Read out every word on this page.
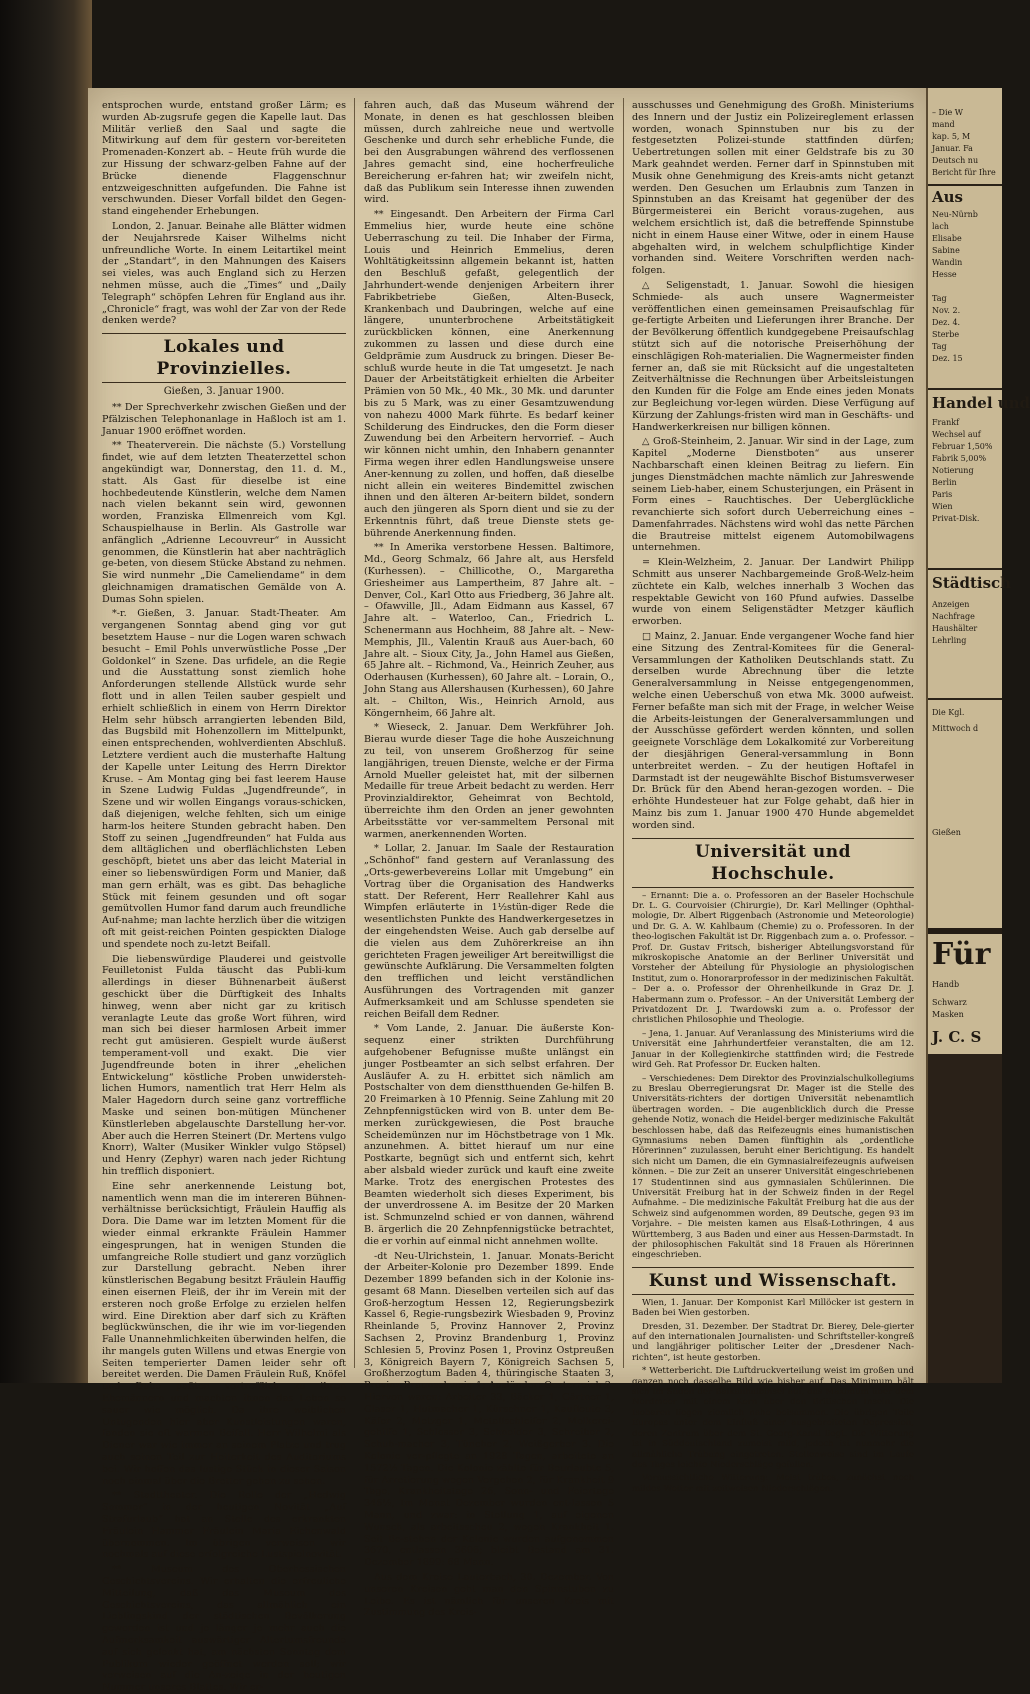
entsprochen wurde, entstand großer Lärm; es wurden Ab-zugsrufe gegen die Kapelle laut. Das Militär verließ den Saal und sagte die Mitwirkung auf dem für gestern vor-bereiteten Promenaden-Konzert ab. – Heute früh wurde die zur Hissung der schwarz-gelben Fahne auf der Brücke dienende Flaggenschnur entzweigeschnitten aufgefunden. Die Fahne ist verschwunden. Dieser Vorfall bildet den Gegen-stand eingehender Erhebungen.

London, 2. Januar. Beinahe alle Blätter widmen der Neujahrsrede Kaiser Wilhelms nicht unfreundliche Worte. In einem Leitartikel meint der „Standart“, in den Mahnungen des Kaisers sei vieles, was auch England sich zu Herzen nehmen müsse, auch die „Times“ und „Daily Telegraph“ schöpfen Lehren für England aus ihr. „Chronicle“ fragt, was wohl der Zar von der Rede denken werde?

Lokales und Provinzielles.
Gießen, 3. Januar 1900.

** Der Sprechverkehr zwischen Gießen und der Pfälzischen Telephonanlage in Haßloch ist am 1. Januar 1900 eröffnet worden.

** Theaterverein. Die nächste (5.) Vorstellung findet, wie auf dem letzten Theaterzettel schon angekündigt war, Donnerstag, den 11. d. M., statt. Als Gast für dieselbe ist eine hochbedeutende Künstlerin, welche dem Namen nach vielen bekannt sein wird, gewonnen worden, Franziska Ellmenreich vom Kgl. Schauspielhause in Berlin. Als Gastrolle war anfänglich „Adrienne Lecouvreur“ in Aussicht genommen, die Künstlerin hat aber nachträglich ge-beten, von diesem Stücke Abstand zu nehmen. Sie wird nunmehr „Die Cameliendame“ in dem gleichnamigen dramatischen Gemälde von A. Dumas Sohn spielen.

*-r. Gießen, 3. Januar. Stadt-Theater. Am vergangenen Sonntag abend ging vor gut besetztem Hause – nur die Logen waren schwach besucht – Emil Pohls unverwüstliche Posse „Der Goldonkel“ in Szene. Das urfidele, an die Regie und die Ausstattung sonst ziemlich hohe Anforderungen stellende Allstück wurde sehr flott und in allen Teilen sauber gespielt und erhielt schließlich in einem von Herrn Direktor Helm sehr hübsch arrangierten lebenden Bild, das Bugsbild mit Hohenzollern im Mittelpunkt, einen entsprechenden, wohlverdienten Abschluß. Letztere verdient auch die musterhafte Haltung der Kapelle unter Leitung des Herrn Direktor Kruse. – Am Montag ging bei fast leerem Hause in Szene Ludwig Fuldas „Jugendfreunde“, in Szene und wir wollen Eingangs voraus-schicken, daß diejenigen, welche fehlten, sich um einige harm-los heitere Stunden gebracht haben. Den Stoff zu seinen „Jugendfreunden“ hat Fulda aus dem alltäglichen und oberflächlichsten Leben geschöpft, bietet uns aber das leicht Material in einer so liebenswürdigen Form und Manier, daß man gern erhält, was es gibt. Das behagliche Stück mit feinem gesunden und oft sogar gemütvollen Humor fand darum auch freundliche Auf-nahme; man lachte herzlich über die witzigen oft mit geist-reichen Pointen gespickten Dialoge und spendete noch zu-letzt Beifall.

Die liebenswürdige Plauderei und geistvolle Feuilletonist Fulda täuscht das Publi-kum allerdings in dieser Bühnenarbeit äußerst geschickt über die Dürftigkeit des Inhalts hinweg, wenn aber nicht gar zu kritisch veranlagte Leute das große Wort führen, wird man sich bei dieser harmlosen Arbeit immer recht gut amüsieren. Gespielt wurde äußerst temperament-voll und exakt. Die vier Jugendfreunde boten in ihrer „ehelichen Entwickelung“ köstliche Proben unwidersteh-lichen Humors, namentlich trat Herr Helm als Maler Hagedorn durch seine ganz vortreffliche Maske und seinen bon-mütigen Münchener Künstlerleben abgelauschte Darstellung her-vor. Aber auch die Herren Steinert (Dr. Mertens vulgo Knorr), Walter (Musiker Winkler vulgo Stöpsel) und Henry (Zephyr) waren nach jeder Richtung hin trefflich disponiert.

Eine sehr anerkennende Leistung bot, namentlich wenn man die im intereren Bühnen-verhältnisse berücksichtigt, Fräulein Hauffig als Dora. Die Dame war im letzten Moment für die wieder einmal erkrankte Fräulein Hammer eingesprungen, hat in wenigen Stunden die umfangreiche Rolle studiert und ganz vorzüglich zur Darstellung gebracht. Neben ihrer künstlerischen Begabung besitzt Fräulein Hauffig einen eisernen Fleiß, der ihr im Verein mit der ersteren noch große Erfolge zu erzielen helfen wird. Eine Direktion aber darf sich zu Kräften beglückwünschen, die ihr wie im vor-liegenden Falle Unannehmlichkeiten überwinden helfen, die ihr mangels guten Willens und etwas Energie von Seiten temperierter Damen leider sehr oft bereitet werden. Die Damen Fräulein Ruß, Knöfel und Dube paßten vortrefflich zu ihren Ehemännern und machten ihnen das Leben so sauer wie möglich. Da ihre weiblichen Untugenden hier aber Kunstleistungen waren, fanden sie oft warmen Beifall. Herr Wilhelmi als Diener war wie immer an seinem Platze und trug auch seinen Teil zur Heiterkeit des Auditoriums bei. Wir hoffen das lustige Stück in dieser Saison noch einmal über die Bretter gehen zu sehen.

** Stadttheater. Die Rolle der „Hedwig Sommer“ in der heutigen Novität „Auf Strafurlaub“ hat an Stelle des erkrankten Fräulein Hammer Fräulein Maria Eichenwald übernommen. Im übrigen verweisen wir nochmals auf diese erfolgreiche Lustspielnovität.

** Museum des Oberhessischen Geschichtsvereins. Wir erhalten die erfreuliche Mitteilung, daß das Museum des Geschichtsvereins, das allmählich ein Lieblingskind der städtischen Bevölkerung geworden ist und je länger je mehr auch die Aufmerksamkeit auswärtiger Altertumsfreunde auf sich gelenkt hat, am nächsten Sonntag dem Publikum wieder geöffnet werden soll; wir verweisen auf die An-zeige in der heutigen Nummer unseres Blattes. Wir er-

fahren auch, daß das Museum während der Monate, in denen es hat geschlossen bleiben müssen, durch zahlreiche neue und wertvolle Geschenke und durch sehr erhebliche Funde, die bei den Ausgrabungen während des verflossenen Jahres gemacht sind, eine hocherfreuliche Bereicherung er-fahren hat; wir zweifeln nicht, daß das Publikum sein Interesse ihnen zuwenden wird.

** Eingesandt. Den Arbeitern der Firma Carl Emmelius hier, wurde heute eine schöne Ueberraschung zu teil. Die Inhaber der Firma, Louis und Heinrich Emmelius, deren Wohltätigkeitssinn allgemein bekannt ist, hatten den Beschluß gefaßt, gelegentlich der Jahrhundert-wende denjenigen Arbeitern ihrer Fabrikbetriebe Gießen, Alten-Buseck, Krankenbach und Daubringen, welche auf eine längere, ununterbrochene Arbeitstätigkeit zurückblicken können, eine Anerkennung zukommen zu lassen und diese durch eine Geldprämie zum Ausdruck zu bringen. Dieser Be-schluß wurde heute in die Tat umgesetzt. Je nach Dauer der Arbeitstätigkeit erhielten die Arbeiter Prämien von 50 Mk., 40 Mk., 30 Mk. und darunter bis zu 5 Mark, was zu einer Gesamtzuwendung von nahezu 4000 Mark führte. Es bedarf keiner Schilderung des Eindruckes, den die Form dieser Zuwendung bei den Arbeitern hervorrief. – Auch wir können nicht umhin, den Inhabern genannter Firma wegen ihrer edlen Handlungsweise unsere Aner-kennung zu zollen, und hoffen, daß dieselbe nicht allein ein weiteres Bindemittel zwischen ihnen und den älteren Ar-beitern bildet, sondern auch den jüngeren als Sporn dient und sie zu der Erkenntnis führt, daß treue Dienste stets ge-bührende Anerkennung finden.

** In Amerika verstorbene Hessen. Baltimore, Md., Georg Schmalz, 66 Jahre alt, aus Hersfeld (Kurhessen). – Chillicothe, O., Margaretha Griesheimer aus Lampertheim, 87 Jahre alt. – Denver, Col., Karl Otto aus Friedberg, 36 Jahre alt. – Ofawville, Jll., Adam Eidmann aus Kassel, 67 Jahre alt. – Waterloo, Can., Friedrich L. Schenermann aus Hochheim, 88 Jahre alt. – New-Memphis, Jll., Valentin Krauß aus Auer-bach, 60 Jahre alt. – Sioux City, Ja., John Hamel aus Gießen, 65 Jahre alt. – Richmond, Va., Heinrich Zeuher, aus Oderhausen (Kurhessen), 60 Jahre alt. – Lorain, O., John Stang aus Allershausen (Kurhessen), 60 Jahre alt. – Chilton, Wis., Heinrich Arnold, aus Köngernheim, 66 Jahre alt.

* Wieseck, 2. Januar. Dem Werkführer Joh. Bierau wurde dieser Tage die hohe Auszeichnung zu teil, von unserem Großherzog für seine langjährigen, treuen Dienste, welche er der Firma Arnold Mueller geleistet hat, mit der silbernen Medaille für treue Arbeit bedacht zu werden. Herr Provinzialdirektor, Geheimrat von Bechtold, überreichte ihm den Orden an jener gewohnten Arbeitsstätte vor ver-sammeltem Personal mit warmen, anerkennenden Worten.

* Lollar, 2. Januar. Im Saale der Restauration „Schönhof“ fand gestern auf Veranlassung des „Orts-gewerbevereins Lollar mit Umgebung“ ein Vortrag über die Organisation des Handwerks statt. Der Referent, Herr Reallehrer Kahl aus Wimpfen erläuterte in 1½stün-diger Rede die wesentlichsten Punkte des Handwerkergesetzes in der eingehendsten Weise. Auch gab derselbe auf die vielen aus dem Zuhörerkreise an ihn gerichteten Fragen jeweiliger Art bereitwilligst die gewünschte Aufklärung. Die Versammelten folgten den trefflichen und leicht verständlichen Ausführungen des Vortragenden mit ganzer Aufmerksamkeit und am Schlusse spendeten sie reichen Beifall dem Redner.

* Vom Lande, 2. Januar. Die äußerste Kon-sequenz einer strikten Durchführung aufgehobener Befugnisse mußte unlängst ein junger Postbeamter an sich selbst erfahren. Der Ausläufer A. zu H. erbittet sich nämlich am Postschalter von dem dienstthuenden Ge-hilfen B. 20 Freimarken à 10 Pfennig. Seine Zahlung mit 20 Zehnpfennigstücken wird von B. unter dem Be-merken zurückgewiesen, die Post brauche Scheidemünzen nur im Höchstbetrage von 1 Mk. anzunehmen. A. bittet hierauf um nur eine Postkarte, begnügt sich und entfernt sich, kehrt aber alsbald wieder zurück und kauft eine zweite Marke. Trotz des energischen Protestes des Beamten wiederholt sich dieses Experiment, bis der unverdrossene A. im Besitze der 20 Marken ist. Schmunzelnd schied er von dannen, während B. ärgerlich die 20 Zehnpfennigstücke betrachtet, die er vorhin auf einmal nicht annehmen wollte.

-dt Neu-Ulrichstein, 1. Januar. Monats-Bericht der Arbeiter-Kolonie pro Dezember 1899. Ende Dezember 1899 befanden sich in der Kolonie ins-gesamt 68 Mann. Dieselben verteilen sich auf das Groß-herzogtum Hessen 12, Regierungsbezirk Kassel 6, Regie-rungsbezirk Wiesbaden 9, Provinz Rheinlande 5, Provinz Hannover 2, Provinz Sachsen 2, Provinz Brandenburg 1, Provinz Schlesien 5, Provinz Posen 1, Provinz Ostpreußen 3, Königreich Bayern 7, Königreich Sachsen 5, Großherzogtum Baden 4, thüringische Staaten 3, Provinz Braunschweig 1; Ausländer: Oesterreich 2. Hiervon waren: Arbeiter 33, Bäcker 1, Gärtner 1, Glaser 1, Hutmacher 1, Kürschner 1, Kaufleute 3, Käfer 2, Metzger 1, Metallschleifer 2, Molkerei-gehilfe 1, Schlosser 3, Schneider 3, Schreiber 2, Schuh-macher 3, Tüncher 2, Weißgerber 3. Die Kolonie ver-pflegte an 1928 Tagen, arbeitete an 1572½ Tagen. Die Kolonie zählte für Beurlaubte 5, für Arretierung wegen Vergehen 2, für Krankheit 9 Tage, Krankheitstage 26, Sonn- und Feiertage 346½, Im Monat Dezember wurden ent-lassen 5 Mann, und zwar: in Stellung 1, auf eigenen Wunsch, als arbeitsscheu 2, wegen Krankheit 1. Seit Be-stehen der Kolonie wurden aufgenommen 3670, entlassen 3606; bleibt Bestand am 31. Dezember 1899: 68 Mann.

Aus dem Kreise Lauterbach, 30. Dezember. Von unseren Kreisen geht man den Spinnstuben zu Leibe. Es ist nämlich für unseren Kreis mit Zustimmung des Kreis-

ausschusses und Genehmigung des Großh. Ministeriums des Innern und der Justiz ein Polizeireglement erlassen worden, wonach Spinnstuben nur bis zu der festgesetzten Polizei-stunde stattfinden dürfen; Uebertretungen sollen mit einer Geldstrafe bis zu 30 Mark geahndet werden. Ferner darf in Spinnstuben mit Musik ohne Genehmigung des Kreis-amts nicht getanzt werden. Den Gesuchen um Erlaubnis zum Tanzen in Spinnstuben an das Kreisamt hat gegenüber der des Bürgermeisterei ein Bericht voraus-zugehen, aus welchem ersichtlich ist, daß die betreffende Spinnstube nicht in einem Hause einer Witwe, oder in einem Hause abgehalten wird, in welchem schulpflichtige Kinder vorhanden sind. Weitere Vorschriften werden nach-folgen.

△ Seligenstadt, 1. Januar. Sowohl die hiesigen Schmiede- als auch unsere Wagnermeister veröffentlichen einen gemeinsamen Preisaufschlag für ge-fertigte Arbeiten und Lieferungen ihrer Branche. Der der Bevölkerung öffentlich kundgegebene Preisaufschlag stützt sich auf die notorische Preiserhöhung der einschlägigen Roh-materialien. Die Wagnermeister finden ferner an, daß sie mit Rücksicht auf die ungestalteten Zeitverhältnisse die Rechnungen über Arbeitsleistungen den Kunden für die Folge am Ende eines jeden Monats zur Begleichung vor-legen würden. Diese Verfügung auf Kürzung der Zahlungs-fristen wird man in Geschäfts- und Handwerkerkreisen nur billigen können.

△ Groß-Steinheim, 2. Januar. Wir sind in der Lage, zum Kapitel „Moderne Dienstboten“ aus unserer Nachbarschaft einen kleinen Beitrag zu liefern. Ein junges Dienstmädchen machte nämlich zur Jahreswende seinem Lieb-haber, einem Schusterjungen, ein Präsent in Form eines – Rauchtisches. Der Ueberglückliche revanchierte sich sofort durch Ueberreichung eines – Damenfahrrades. Nächstens wird wohl das nette Pärchen die Brautreise mittelst eigenem Automobilwagens unternehmen.

= Klein-Welzheim, 2. Januar. Der Landwirt Philipp Schmitt aus unserer Nachbargemeinde Groß-Welz-heim züchtete ein Kalb, welches innerhalb 3 Wochen das respektable Gewicht von 160 Pfund aufwies. Dasselbe wurde von einem Seligenstädter Metzger käuflich erworben.

□ Mainz, 2. Januar. Ende vergangener Woche fand hier eine Sitzung des Zentral-Komitees für die General-Versammlungen der Katholiken Deutschlands statt. Zu derselben wurde Abrechnung über die letzte Generalversammlung in Neisse entgegengenommen, welche einen Ueberschuß von etwa Mk. 3000 aufweist. Ferner befaßte man sich mit der Frage, in welcher Weise die Arbeits-leistungen der Generalversammlungen und der Ausschüsse gefördert werden könnten, und sollen geeignete Vorschläge dem Lokalkomité zur Vorbereitung der diesjährigen General-versammlung in Bonn unterbreitet werden. – Zu der heutigen Hoftafel in Darmstadt ist der neugewählte Bischof Bistumsverweser Dr. Brück für den Abend heran-gezogen worden. – Die erhöhte Hundesteuer hat zur Folge gehabt, daß hier in Mainz bis zum 1. Januar 1900 470 Hunde abgemeldet worden sind.

Universität und Hochschule.

– Ernannt: Die a. o. Professoren an der Baseler Hochschule Dr. L. G. Courvoisier (Chirurgie), Dr. Karl Mellinger (Ophthal-mologie, Dr. Albert Riggenbach (Astronomie und Meteorologie) und Dr. G. A. W. Kahlbaum (Chemie) zu o. Professoren. In der theo-logischen Fakultät ist Dr. Riggenbach zum a. o. Professor. – Prof. Dr. Gustav Fritsch, bisheriger Abteilungsvorstand für mikroskopische Anatomie an der Berliner Universität und Vorsteher der Abteilung für Physiologie an physiologischen Institut, zum o. Honorarprofessor in der medizinischen Fakultät. – Der a. o. Professor der Ohrenheilkunde in Graz Dr. J. Habermann zum o. Professor. – An der Universität Lemberg der Privatdozent Dr. J. Twardowski zum a. o. Professor der christlichen Philosophie und Theologie.

– Jena, 1. Januar. Auf Veranlassung des Ministeriums wird die Universität eine Jahrhundertfeier veranstalten, die am 12. Januar in der Kollegienkirche stattfinden wird; die Festrede wird Geh. Rat Professor Dr. Eucken halten.

– Verschiedenes: Dem Direktor des Provinzialschulkollegiums zu Breslau Oberregierungsrat Dr. Mager ist die Stelle des Universitäts-richters der dortigen Universität nebenamtlich übertragen worden. – Die augenblicklich durch die Presse gehende Notiz, wonach die Heidel-berger medizinische Fakultät beschlossen habe, daß das Reifezeugnis eines humanistischen Gymnasiums neben Damen fünftighin als „ordentliche Hörerinnen“ zuzulassen, beruht einer Berichtigung. Es handelt sich nicht um Damen, die ein Gymnasialreifezeugnis aufweisen können. – Die zur Zeit an unserer Universität eingeschriebenen 17 Studentinnen sind aus gymnasialen Schülerinnen. Die Universität Freiburg hat in der Schweiz finden in der Regel Aufnahme. – Die medizinische Fakultät Freiburg hat die aus der Schweiz sind aufgenommen worden, 89 Deutsche, gegen 93 im Vorjahre. – Die meisten kamen aus Elsaß-Lothringen, 4 aus Württemberg, 3 aus Baden und einer aus Hessen-Darmstadt. In der philosophischen Fakultät sind 18 Frauen als Hörerinnen eingeschrieben.

Kunst und Wissenschaft.

Wien, 1. Januar. Der Komponist Karl Millöcker ist gestern in Baden bei Wien gestorben.

Dresden, 31. Dezember. Der Stadtrat Dr. Bierey, Dele-gierter auf den internationalen Journalisten- und Schriftsteller-kongreß und langjähriger politischer Leiter der „Dresdener Nach-richten“, ist heute gestorben.

* Wetterbericht. Die Luftdruckverteilung weist im großen und ganzen noch dasselbe Bild wie bisher auf. Das Minimum hält sich im Süden der Balkanhalbinsel auf, das Maximum über dem Nordmeer mit einem Kern über den Britischen Inseln. Die Isobaren liegen ziemlich nahe beisammen. Die übrigen Teile Europas unter dem Einfluß einer ausgebreiteten Depression, deren Zentrum über dem St. Georg-Kanal liegt. Die Witterung ist in Süddeutschland zumeist mild, jedoch ist nunmehr die allmähliche Trübung eingetreten. Stellenweise sind im Laufe des Tages leichte Niederschläge gefallen.

Voraussichtliche Witterung: Meist trübes, zunächst noch mildes Wetter mit zeitweisen Niederschlägen.

– Die W
mand
kap. 5, M
Januar. Fa
Deutsch nu
Bericht für Ihre
Aus
Neu-Nürnb
lach
Elisabe
Sabine
Wandin
Hesse
Tag
Nov. 2.
Dez. 4.
Sterbe
Tag
Dez. 15
Handel und
Frankf
Wechsel auf
Februar 1,50%
Fabrik 5,00%
Notierung
Berlin
Paris
Wien
Privat-Disk.
Städtisch
Anzeigen
Nachfrage
Haushälter
Lehrling
Die Kgl.
Mittwoch d
Gießen
Für
Handb
Schwarz
Masken
J. C. S
